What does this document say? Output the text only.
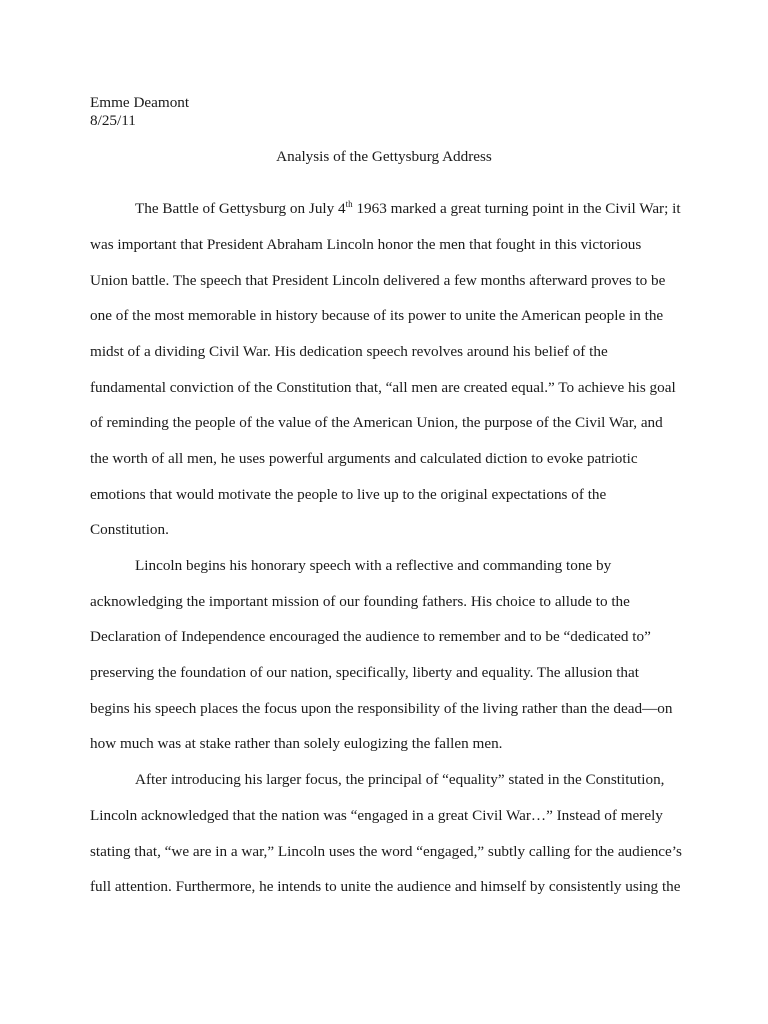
Emme Deamont

8/25/11

Analysis of the Gettysburg Address

The Battle of Gettysburg on July 4th 1963 marked a great turning point in the Civil War; it

was important that President Abraham Lincoln honor the men that fought in this victorious

Union battle. The speech that President Lincoln delivered a few months afterward proves to be

one of the most memorable in history because of its power to unite the American people in the

midst of a dividing Civil War. His dedication speech revolves around his belief of the

fundamental conviction of the Constitution that, “all men are created equal.” To achieve his goal

of reminding the people of the value of the American Union, the purpose of the Civil War, and

the worth of all men, he uses powerful arguments and calculated diction to evoke patriotic

emotions that would motivate the people to live up to the original expectations of the

Constitution.

Lincoln begins his honorary speech with a reflective and commanding tone by

acknowledging the important mission of our founding fathers. His choice to allude to the

Declaration of Independence encouraged the audience to remember and to be “dedicated to”

preserving the foundation of our nation, specifically, liberty and equality. The allusion that

begins his speech places the focus upon the responsibility of the living rather than the dead—on

how much was at stake rather than solely eulogizing the fallen men.

After introducing his larger focus, the principal of “equality” stated in the Constitution,

Lincoln acknowledged that the nation was “engaged in a great Civil War…” Instead of merely

stating that, “we are in a war,” Lincoln uses the word “engaged,” subtly calling for the audience’s

full attention. Furthermore, he intends to unite the audience and himself by consistently using the
